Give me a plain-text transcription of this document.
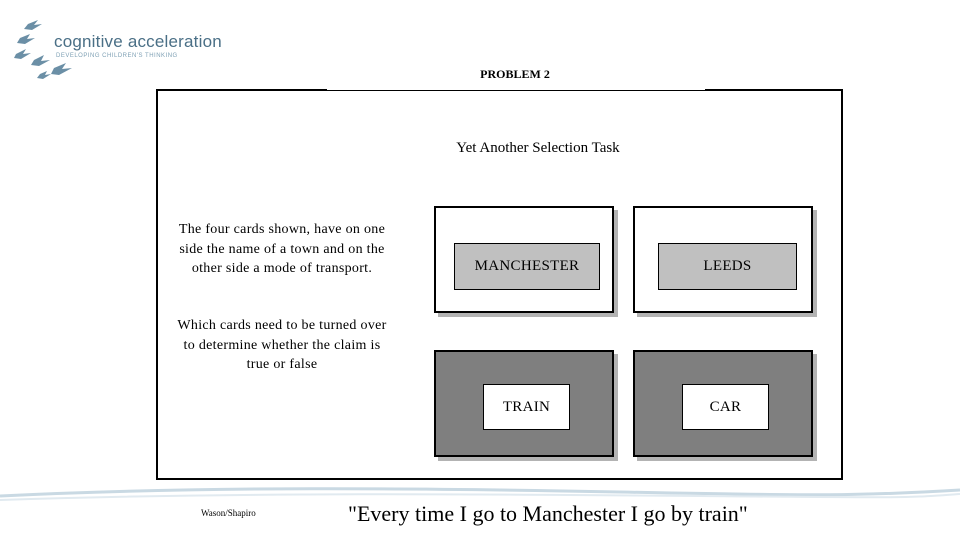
cognitive acceleration
DEVELOPING CHILDREN'S THINKING
PROBLEM 2
Yet Another Selection Task
The four cards shown, have on one side the name of a town and on the other side a mode of transport.
Which cards need to be turned over to determine whether the claim is true or false
MANCHESTER	LEEDS
TRAIN	CAR
Wason/Shapiro	"Every time I go to Manchester I go by train"
